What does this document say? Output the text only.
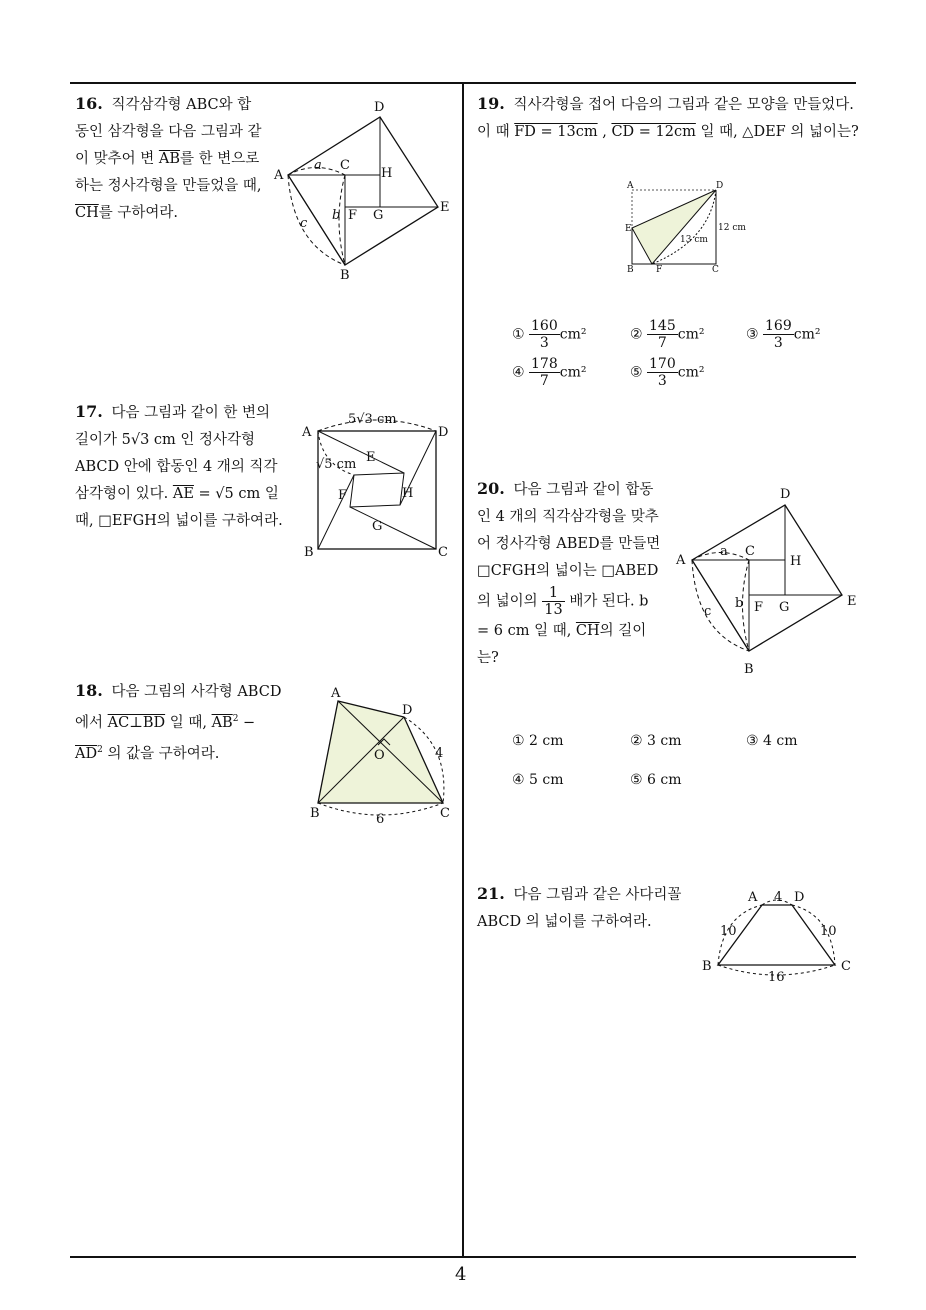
4
16. 직각삼각형 ABC와 합동인 삼각형을 다음 그림과 같이 맞추어 변 $\overline{AB}$를 한 변으로 하는 정사각형을 만들었을 때, $\overline{CH}$를 구하여라.
D
A
a C
H
b F G
E
c
B
17. 다음 그림과 같이 한 변의 길이가 5√3 cm 인 정사각형 ABCD 안에 합동인 4 개의 직각삼각형이 있다. $\overline{AE} = √5$ cm 일 때, □EFGH의 넓이를 구하여라.
5√3 cm
A	D
√5 cm E
F	H
G
B	C
18. 다음 그림의 사각형 ABCD에서 AC⊥BD 일 때, $\overline{AB}^2 - \overline{AD}^2$ 의 값을 구하여라.
A
D
O	4
B	6	C
19. 직사각형을 접어 다음의 그림과 같은 모양을 만들었다. 이 때 FD = 13cm , CD = 12cm 일 때, △DEF 의 넓이는?
A	D
E
13 cm
12 cm
B F	C
① $\frac{160}{3} cm^2$	② $\frac{145}{7} cm^2$	③ $\frac{169}{3} cm^2$
④ $\frac{178}{7} cm^2$	⑤ $\frac{170}{3} cm^2$
20. 다음 그림과 같이 합동인 4 개의 직각삼각형을 맞추어 정사각형 ABED를 만들면 □CFGH의 넓이는 □ABED의 넓이의 $\frac{1}{13}$ 배가 된다. b = 6 cm 일 때, $\overline{CH}$의 길이는?
D
A
a C
H
b F G	E
c
B
① 2 cm	② 3 cm	③ 4 cm
④ 5 cm	⑤ 6 cm
21. 다음 그림과 같은 사다리꼴 ABCD 의 넓이를 구하여라.
A 4 D
10	10
B	C
16
